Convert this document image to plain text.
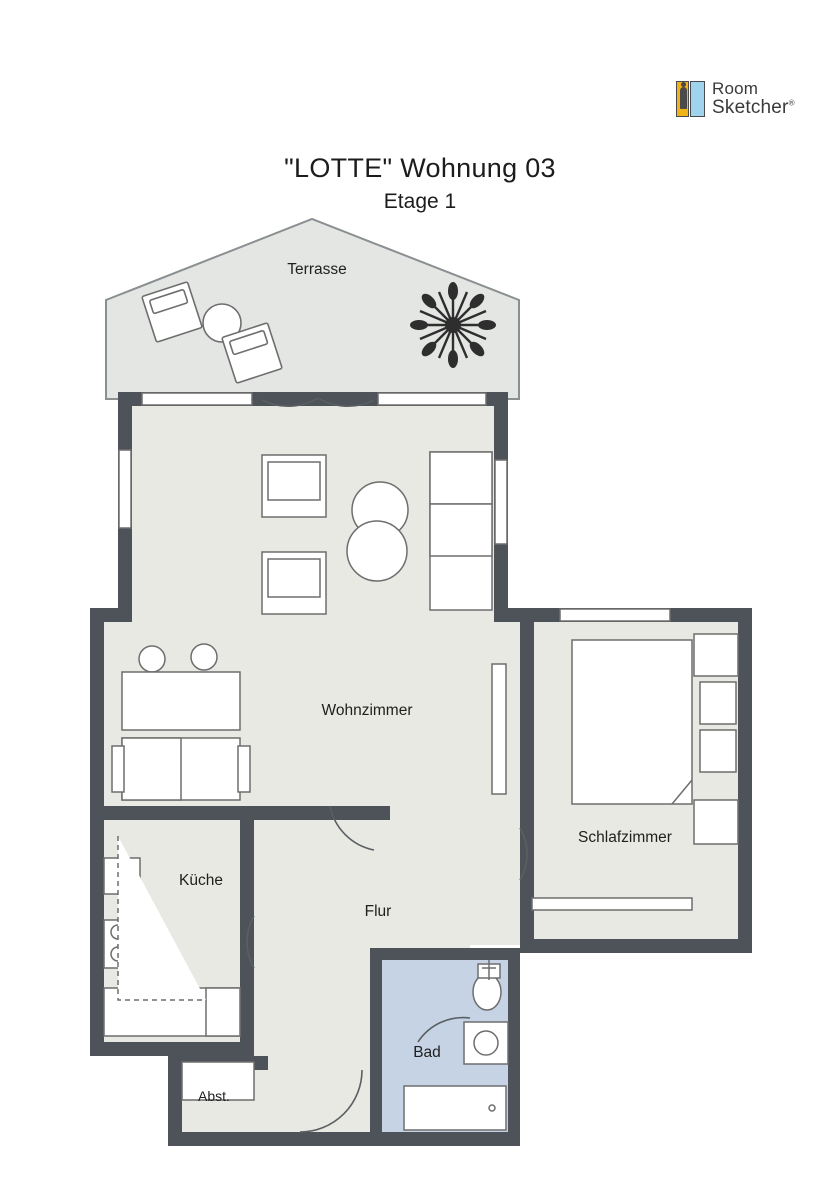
Room
Sketcher®
"LOTTE" Wohnung 03
Etage 1
Terrasse
Wohnzimmer
Schlafzimmer
Küche
Flur
Bad
Abst.
